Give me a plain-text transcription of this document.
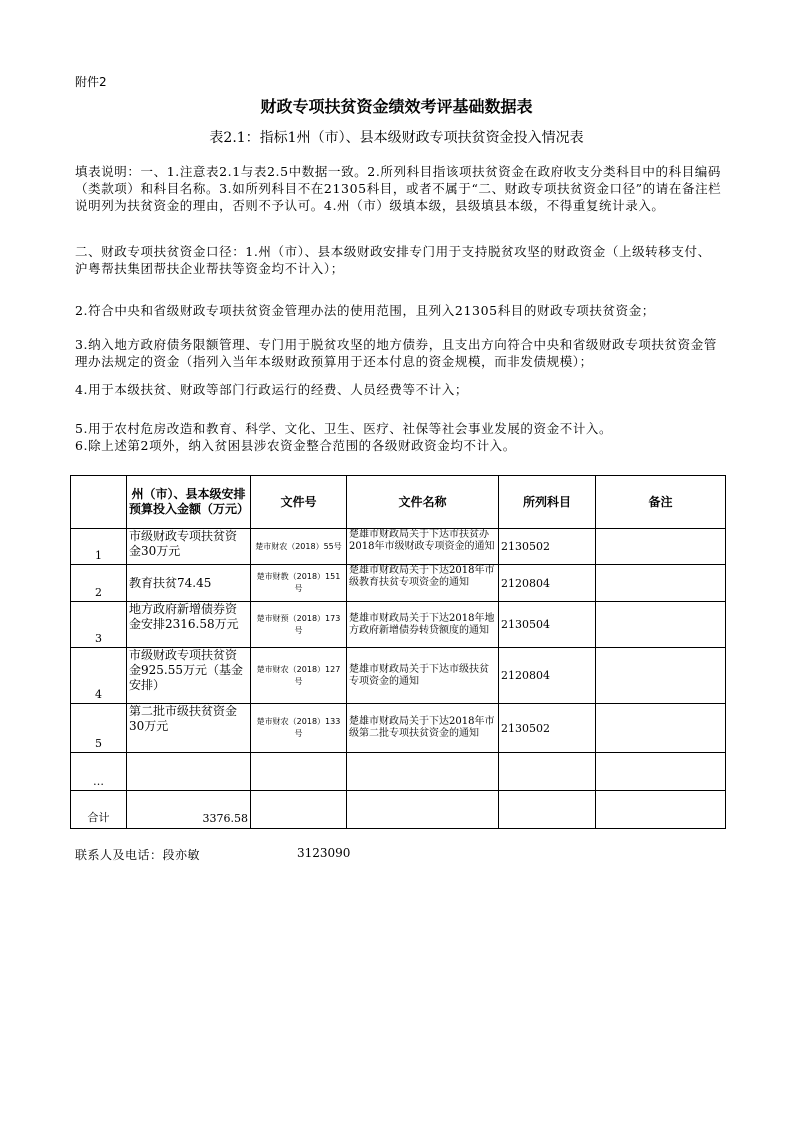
附件2
财政专项扶贫资金绩效考评基础数据表
表2.1：指标1州（市）、县本级财政专项扶贫资金投入情况表
填表说明：一、1.注意表2.1与表2.5中数据一致。2.所列科目指该项扶贫资金在政府收支分类科目中的科目编码（类款项）和科目名称。3.如所列科目不在21305科目，或者不属于“二、财政专项扶贫资金口径”的请在备注栏说明列为扶贫资金的理由，否则不予认可。4.州（市）级填本级，县级填县本级，不得重复统计录入。
二、财政专项扶贫资金口径：1.州（市）、县本级财政安排专门用于支持脱贫攻坚的财政资金（上级转移支付、沪粤帮扶集团帮扶企业帮扶等资金均不计入）；
2.符合中央和省级财政专项扶贫资金管理办法的使用范围，且列入21305科目的财政专项扶贫资金；
3.纳入地方政府债务限额管理、专门用于脱贫攻坚的地方债券，且支出方向符合中央和省级财政专项扶贫资金管理办法规定的资金（指列入当年本级财政预算用于还本付息的资金规模，而非发债规模）；
4.用于本级扶贫、财政等部门行政运行的经费、人员经费等不计入；
5.用于农村危房改造和教育、科学、文化、卫生、医疗、社保等社会事业发展的资金不计入。
6.除上述第2项外，纳入贫困县涉农资金整合范围的各级财政资金均不计入。
	州（市）、县本级安排预算投入金额（万元）	文件号	文件名称	所列科目	备注
1	市级财政专项扶贫资金30万元	楚市财农（2018）55号	楚雄市财政局关于下达市扶贫办2018年市级财政专项资金的通知	2130502	
2	教育扶贫74.45	楚市财教（2018）151号	楚雄市财政局关于下达2018年市级教育扶贫专项资金的通知	2120804	
3	地方政府新增债券资金安排2316.58万元	楚市财预（2018）173号	楚雄市财政局关于下达2018年地方政府新增债券转贷额度的通知	2130504	
4	市级财政专项扶贫资金925.55万元（基金安排）	楚市财农（2018）127号	楚雄市财政局关于下达市级扶贫专项资金的通知	2120804	
5	第二批市级扶贫资金30万元	楚市财农（2018）133号	楚雄市财政局关于下达2018年市级第二批专项扶贫资金的通知	2130502	
…					
合计	3376.58				
联系人及电话：段亦敏	3123090
